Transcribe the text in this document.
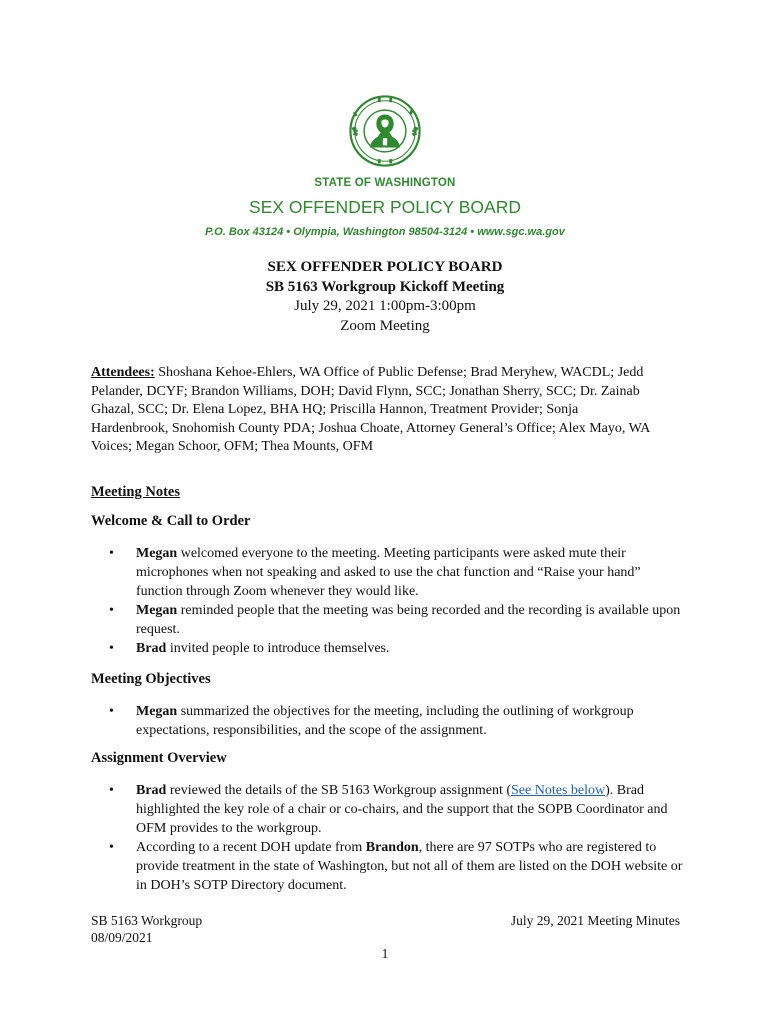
STATE OF WASHINGTON
SEX OFFENDER POLICY BOARD
P.O. Box 43124 • Olympia, Washington 98504-3124 • www.sgc.wa.gov
SEX OFFENDER POLICY BOARD
SB 5163 Workgroup Kickoff Meeting
July 29, 2021 1:00pm-3:00pm
Zoom Meeting
Attendees: Shoshana Kehoe-Ehlers, WA Office of Public Defense; Brad Meryhew, WACDL; Jedd Pelander, DCYF; Brandon Williams, DOH; David Flynn, SCC; Jonathan Sherry, SCC; Dr. Zainab Ghazal, SCC; Dr. Elena Lopez, BHA HQ; Priscilla Hannon, Treatment Provider; Sonja Hardenbrook, Snohomish County PDA; Joshua Choate, Attorney General’s Office; Alex Mayo, WA Voices; Megan Schoor, OFM; Thea Mounts, OFM
Meeting Notes
Welcome & Call to Order
• Megan welcomed everyone to the meeting. Meeting participants were asked mute their microphones when not speaking and asked to use the chat function and “Raise your hand” function through Zoom whenever they would like.
• Megan reminded people that the meeting was being recorded and the recording is available upon request.
• Brad invited people to introduce themselves.
Meeting Objectives
• Megan summarized the objectives for the meeting, including the outlining of workgroup expectations, responsibilities, and the scope of the assignment.
Assignment Overview
• Brad reviewed the details of the SB 5163 Workgroup assignment (See Notes below). Brad highlighted the key role of a chair or co-chairs, and the support that the SOPB Coordinator and OFM provides to the workgroup.
• According to a recent DOH update from Brandon, there are 97 SOTPs who are registered to provide treatment in the state of Washington, but not all of them are listed on the DOH website or in DOH’s SOTP Directory document.
SB 5163 Workgroup
08/09/2021
July 29, 2021 Meeting Minutes
1
